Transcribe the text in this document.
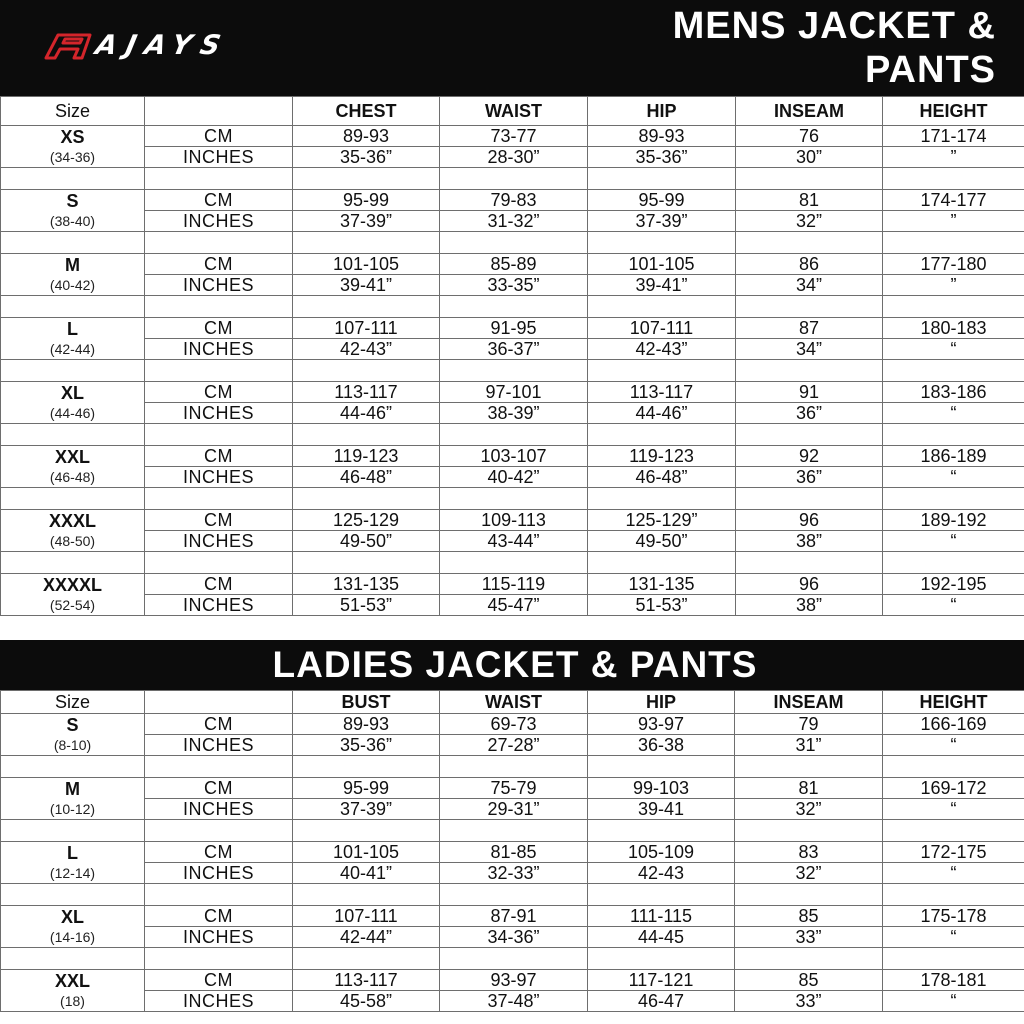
AJAYS	MENS JACKET &
PANTS
Size		CHEST	WAIST	HIP	INSEAM	HEIGHT

XS
(34-36)	CM	89-93	73-77	89-93	76	171-174
	INCHES	35-36”	28-30”	35-36”	30”	”

S
(38-40)	CM	95-99	79-83	95-99	81	174-177
	INCHES	37-39”	31-32”	37-39”	32”	”

M
(40-42)	CM	101-105	85-89	101-105	86	177-180
	INCHES	39-41”	33-35”	39-41”	34”	”

L
(42-44)	CM	107-111	91-95	107-111	87	180-183
	INCHES	42-43”	36-37”	42-43”	34”	“

XL
(44-46)	CM	113-117	97-101	113-117	91	183-186
	INCHES	44-46”	38-39”	44-46”	36”	“

XXL
(46-48)	CM	119-123	103-107	119-123	92	186-189
	INCHES	46-48”	40-42”	46-48”	36”	“

XXXL
(48-50)	CM	125-129	109-113	125-129”	96	189-192
	INCHES	49-50”	43-44”	49-50”	38”	“

XXXXL
(52-54)	CM	131-135	115-119	131-135	96	192-195
	INCHES	51-53”	45-47”	51-53”	38”	“
LADIES JACKET & PANTS
Size		BUST	WAIST	HIP	INSEAM	HEIGHT

S
(8-10)	CM	89-93	69-73	93-97	79	166-169
	INCHES	35-36”	27-28”	36-38	31”	“

M
(10-12)	CM	95-99	75-79	99-103	81	169-172
	INCHES	37-39”	29-31”	39-41	32”	“

L
(12-14)	CM	101-105	81-85	105-109	83	172-175
	INCHES	40-41”	32-33”	42-43	32”	“

XL
(14-16)	CM	107-111	87-91	111-115	85	175-178
	INCHES	42-44”	34-36”	44-45	33”	“

XXL
(18)	CM	113-117	93-97	117-121	85	178-181
	INCHES	45-58”	37-48”	46-47	33”	“
